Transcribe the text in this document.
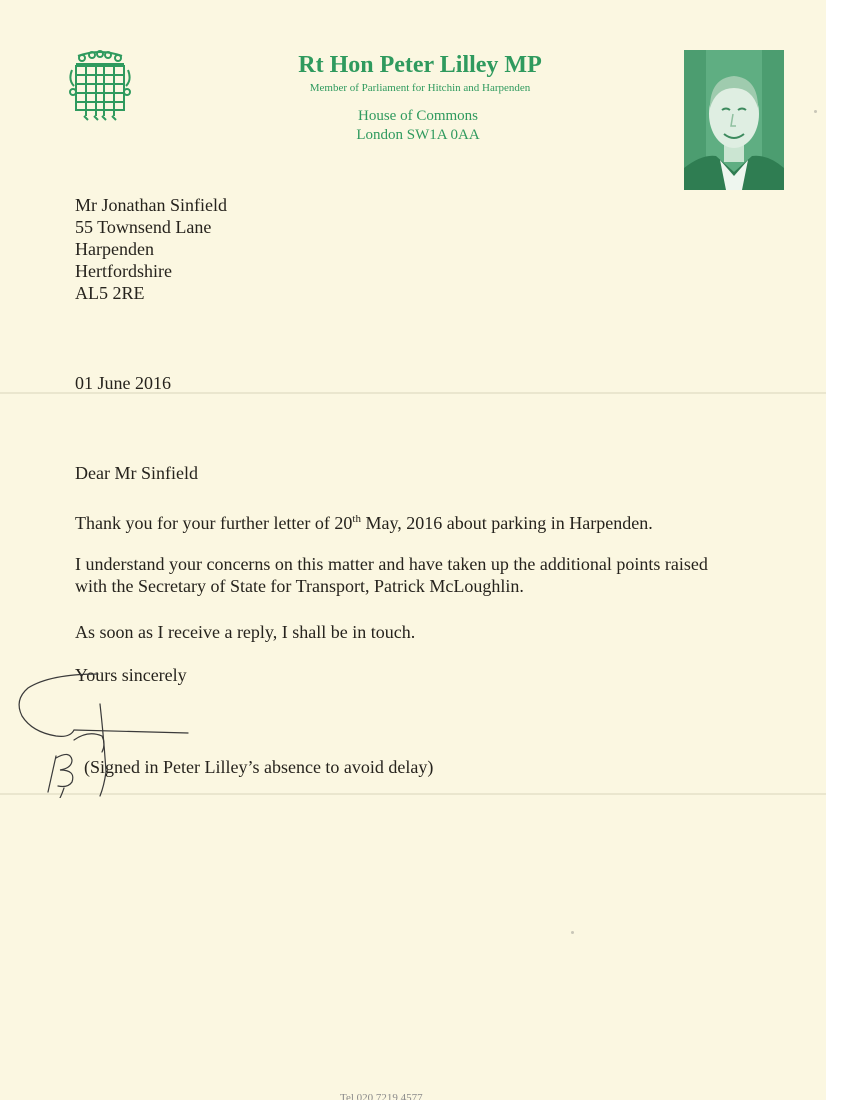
Rt Hon Peter Lilley MP
Member of Parliament for Hitchin and Harpenden
House of Commons
London SW1A 0AA
Mr Jonathan Sinfield
55 Townsend Lane
Harpenden
Hertfordshire
AL5 2RE
01 June 2016
Dear Mr Sinfield
Thank you for your further letter of 20th May, 2016 about parking in Harpenden.
I understand your concerns on this matter and have taken up the additional points raised with the Secretary of State for Transport, Patrick McLoughlin.
As soon as I receive a reply, I shall be in touch.
Yours sincerely
(Signed in Peter Lilley’s absence to avoid delay)
Tel 020 7219 4577
